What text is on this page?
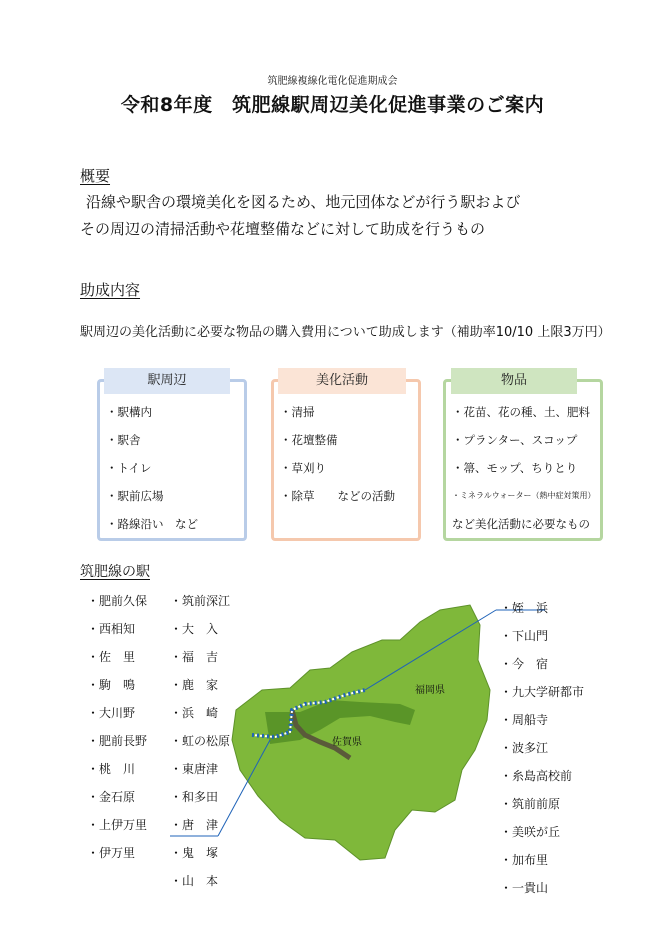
筑肥線複線化電化促進期成会
令和8年度　筑肥線駅周辺美化促進事業のご案内
概要
沿線や駅舎の環境美化を図るため、地元団体などが行う駅および
その周辺の清掃活動や花壇整備などに対して助成を行うもの
助成内容
駅周辺の美化活動に必要な物品の購入費用について助成します（補助率10/10 上限3万円）
・駅構内
・駅舎
・トイレ
・駅前広場
・路線沿い　など
駅周辺
・清掃
・花壇整備
・草刈り
・除草　　などの活動
美化活動
・花苗、花の種、土、肥料
・プランター、スコップ
・箒、モップ、ちりとり
・ミネラルウォーター（熱中症対策用）
など美化活動に必要なもの
物品
福岡県
佐賀県
筑肥線の駅
・肥前久保
・西相知
・佐　里
・駒　鳴
・大川野
・肥前長野
・桃　川
・金石原
・上伊万里
・伊万里
・筑前深江
・大　入
・福　吉
・鹿　家
・浜　崎
・虹の松原
・東唐津
・和多田
・唐　津
・鬼　塚
・山　本
・姪　浜
・下山門
・今　宿
・九大学研都市
・周船寺
・波多江
・糸島高校前
・筑前前原
・美咲が丘
・加布里
・一貴山
